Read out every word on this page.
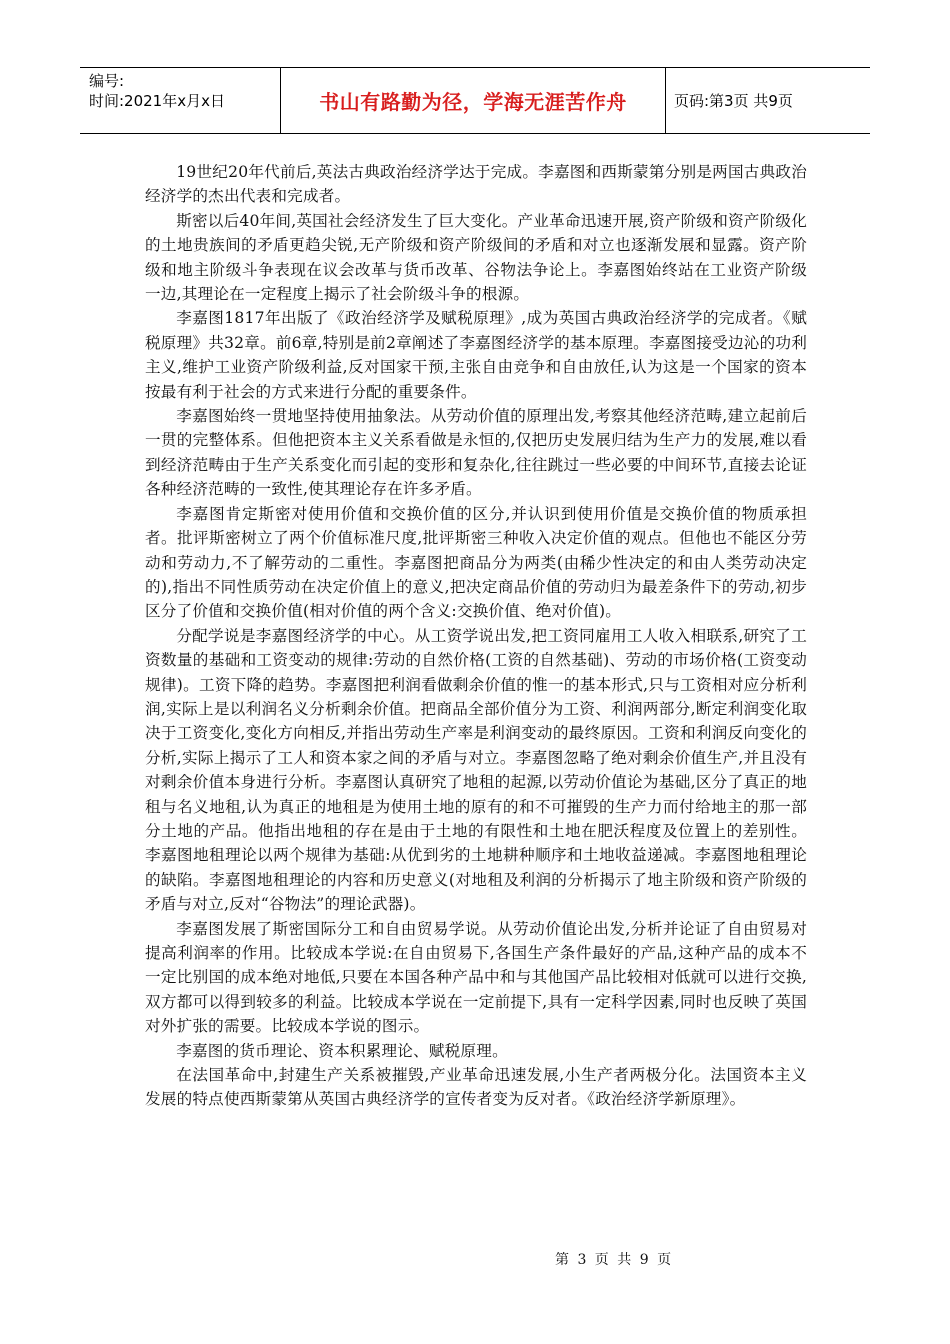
编号:
时间:2021年x月x日	书山有路勤为径，学海无涯苦作舟	页码:第3页 共9页

19世纪20年代前后,英法古典政治经济学达于完成。李嘉图和西斯蒙第分别是两国古典政治经济学的杰出代表和完成者。

斯密以后40年间,英国社会经济发生了巨大变化。产业革命迅速开展,资产阶级和资产阶级化的土地贵族间的矛盾更趋尖锐,无产阶级和资产阶级间的矛盾和对立也逐渐发展和显露。资产阶级和地主阶级斗争表现在议会改革与货币改革、谷物法争论上。李嘉图始终站在工业资产阶级一边,其理论在一定程度上揭示了社会阶级斗争的根源。

李嘉图1817年出版了《政治经济学及赋税原理》,成为英国古典政治经济学的完成者。《赋税原理》共32章。前6章,特别是前2章阐述了李嘉图经济学的基本原理。李嘉图接受边沁的功利主义,维护工业资产阶级利益,反对国家干预,主张自由竞争和自由放任,认为这是一个国家的资本按最有利于社会的方式来进行分配的重要条件。

李嘉图始终一贯地坚持使用抽象法。从劳动价值的原理出发,考察其他经济范畴,建立起前后一贯的完整体系。但他把资本主义关系看做是永恒的,仅把历史发展归结为生产力的发展,难以看到经济范畴由于生产关系变化而引起的变形和复杂化,往往跳过一些必要的中间环节,直接去论证各种经济范畴的一致性,使其理论存在许多矛盾。

李嘉图肯定斯密对使用价值和交换价值的区分,并认识到使用价值是交换价值的物质承担者。批评斯密树立了两个价值标准尺度,批评斯密三种收入决定价值的观点。但他也不能区分劳动和劳动力,不了解劳动的二重性。李嘉图把商品分为两类(由稀少性决定的和由人类劳动决定的),指出不同性质劳动在决定价值上的意义,把决定商品价值的劳动归为最差条件下的劳动,初步区分了价值和交换价值(相对价值的两个含义:交换价值、绝对价值)。

分配学说是李嘉图经济学的中心。从工资学说出发,把工资同雇用工人收入相联系,研究了工资数量的基础和工资变动的规律:劳动的自然价格(工资的自然基础)、劳动的市场价格(工资变动规律)。工资下降的趋势。李嘉图把利润看做剩余价值的惟一的基本形式,只与工资相对应分析利润,实际上是以利润名义分析剩余价值。把商品全部价值分为工资、利润两部分,断定利润变化取决于工资变化,变化方向相反,并指出劳动生产率是利润变动的最终原因。工资和利润反向变化的分析,实际上揭示了工人和资本家之间的矛盾与对立。李嘉图忽略了绝对剩余价值生产,并且没有对剩余价值本身进行分析。李嘉图认真研究了地租的起源,以劳动价值论为基础,区分了真正的地租与名义地租,认为真正的地租是为使用土地的原有的和不可摧毁的生产力而付给地主的那一部分土地的产品。他指出地租的存在是由于土地的有限性和土地在肥沃程度及位置上的差别性。李嘉图地租理论以两个规律为基础:从优到劣的土地耕种顺序和土地收益递减。李嘉图地租理论的缺陷。李嘉图地租理论的内容和历史意义(对地租及利润的分析揭示了地主阶级和资产阶级的矛盾与对立,反对“谷物法”的理论武器)。

李嘉图发展了斯密国际分工和自由贸易学说。从劳动价值论出发,分析并论证了自由贸易对提高利润率的作用。比较成本学说:在自由贸易下,各国生产条件最好的产品,这种产品的成本不一定比别国的成本绝对地低,只要在本国各种产品中和与其他国产品比较相对低就可以进行交换,双方都可以得到较多的利益。比较成本学说在一定前提下,具有一定科学因素,同时也反映了英国对外扩张的需要。比较成本学说的图示。

李嘉图的货币理论、资本积累理论、赋税原理。

在法国革命中,封建生产关系被摧毁,产业革命迅速发展,小生产者两极分化。法国资本主义发展的特点使西斯蒙第从英国古典经济学的宣传者变为反对者。《政治经济学新原理》。

第 3 页 共 9 页
